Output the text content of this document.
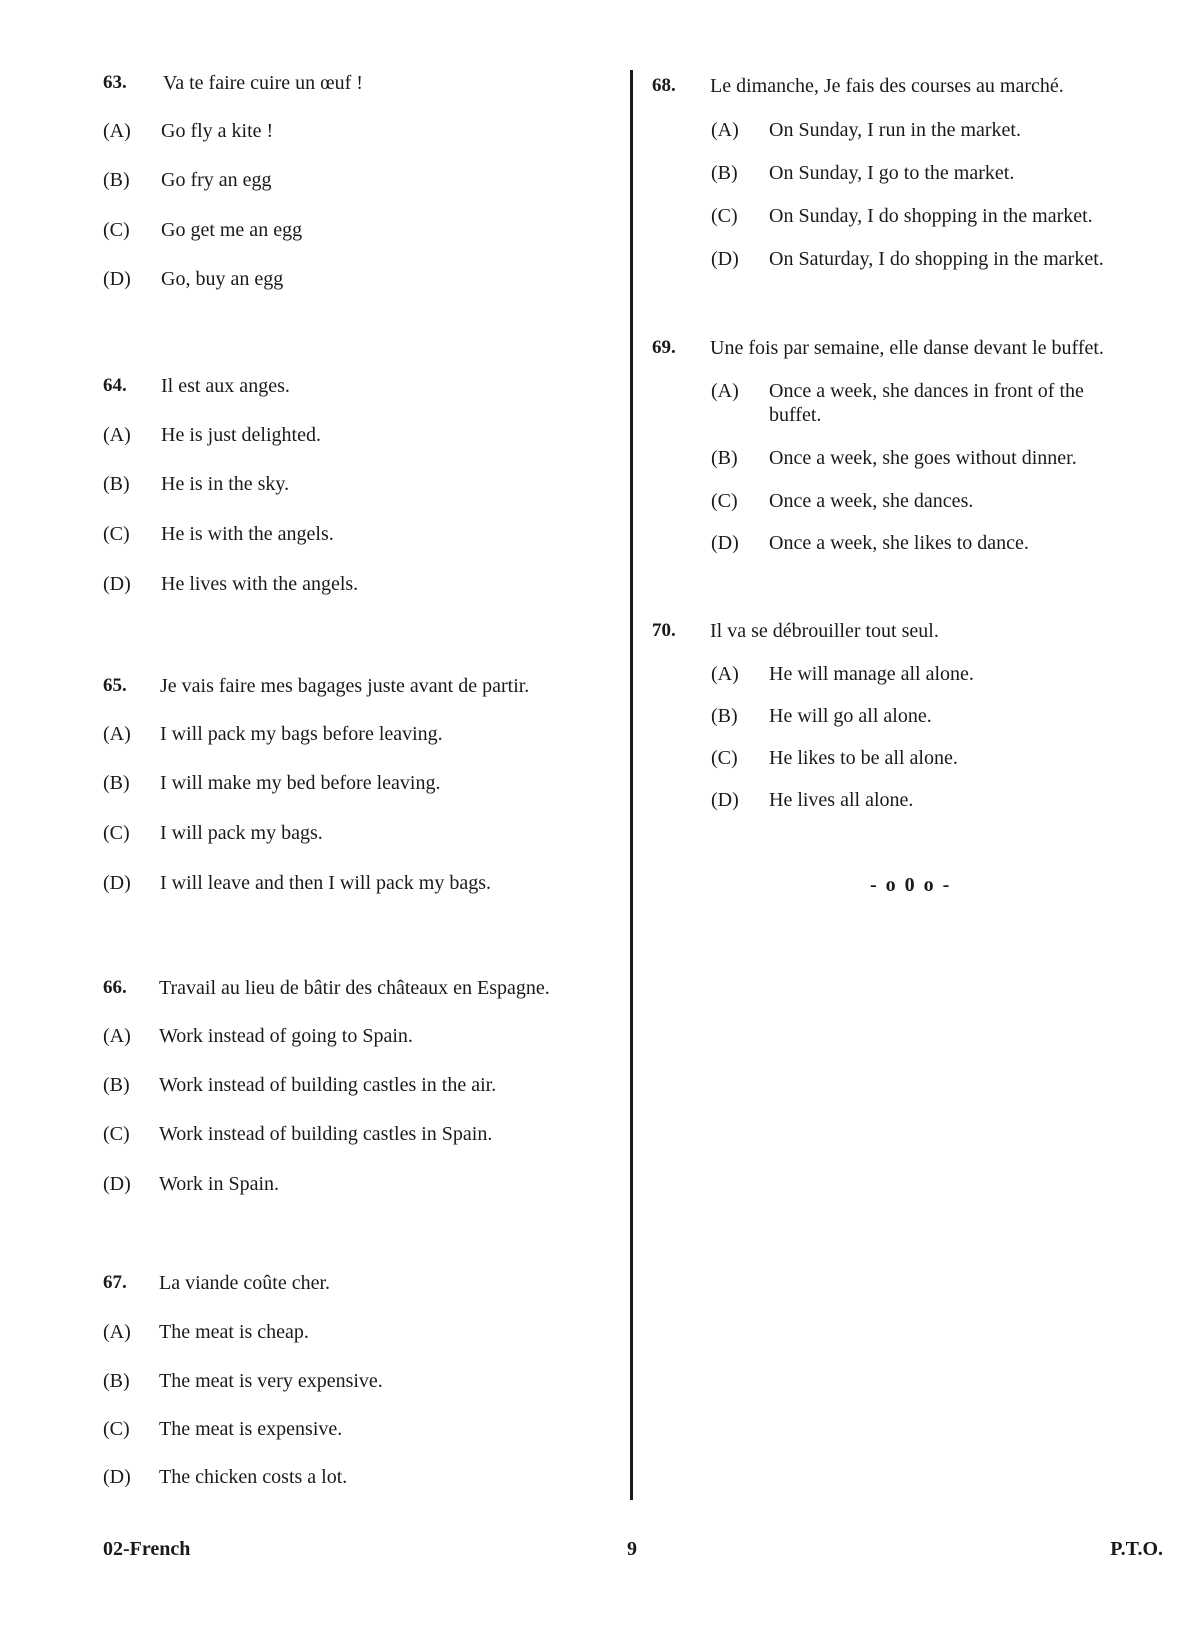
63. Va te faire cuire un œuf !
(A) Go fly a kite !
(B) Go fry an egg
(C) Go get me an egg
(D) Go, buy an egg
64. Il est aux anges.
(A) He is just delighted.
(B) He is in the sky.
(C) He is with the angels.
(D) He lives with the angels.
65. Je vais faire mes bagages juste avant de partir.
(A) I will pack my bags before leaving.
(B) I will make my bed before leaving.
(C) I will pack my bags.
(D) I will leave and then I will pack my bags.
66. Travail au lieu de bâtir des châteaux en Espagne.
(A) Work instead of going to Spain.
(B) Work instead of building castles in the air.
(C) Work instead of building castles in Spain.
(D) Work in Spain.
67. La viande coûte cher.
(A) The meat is cheap.
(B) The meat is very expensive.
(C) The meat is expensive.
(D) The chicken costs a lot.
68. Le dimanche, Je fais des courses au marché.
(A) On Sunday, I run in the market.
(B) On Sunday, I go to the market.
(C) On Sunday, I do shopping in the market.
(D) On Saturday, I do shopping in the market.
69. Une fois par semaine, elle danse devant le buffet.
(A) Once a week, she dances in front of the
buffet.
(B) Once a week, she goes without dinner.
(C) Once a week, she dances.
(D) Once a week, she likes to dance.
70. Il va se débrouiller tout seul.
(A) He will manage all alone.
(B) He will go all alone.
(C) He likes to be all alone.
(D) He lives all alone.
- o 0 o -
02-French	9	P.T.O.
